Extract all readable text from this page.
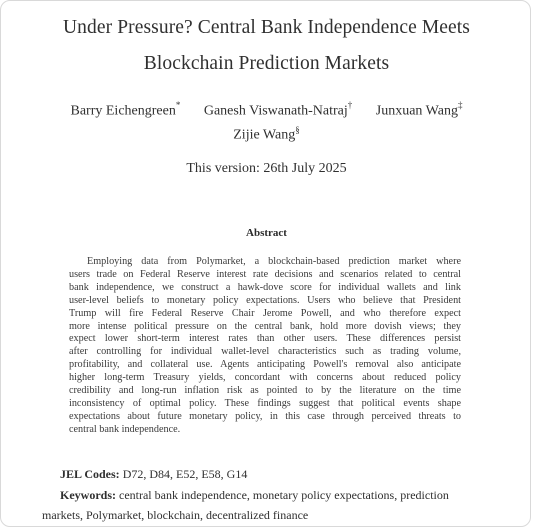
Under Pressure? Central Bank Independence Meets
Blockchain Prediction Markets
Barry Eichengreen* Ganesh Viswanath-Natraj† Junxuan Wang‡
Zijie Wang§
This version: 26th July 2025
Abstract
Employing data from Polymarket, a blockchain-based prediction market where
users trade on Federal Reserve interest rate decisions and scenarios related to central
bank independence, we construct a hawk-dove score for individual wallets and link
user-level beliefs to monetary policy expectations. Users who believe that President
Trump will fire Federal Reserve Chair Jerome Powell, and who therefore expect
more intense political pressure on the central bank, hold more dovish views; they
expect lower short-term interest rates than other users. These differences persist
after controlling for individual wallet-level characteristics such as trading volume,
profitability, and collateral use. Agents anticipating Powell's removal also anticipate
higher long-term Treasury yields, concordant with concerns about reduced policy
credibility and long-run inflation risk as pointed to by the literature on the time
inconsistency of optimal policy. These findings suggest that political events shape
expectations about future monetary policy, in this case through perceived threats to
central bank independence.
JEL Codes: D72, D84, E52, E58, G14
Keywords: central bank independence, monetary policy expectations, prediction
markets, Polymarket, blockchain, decentralized finance
